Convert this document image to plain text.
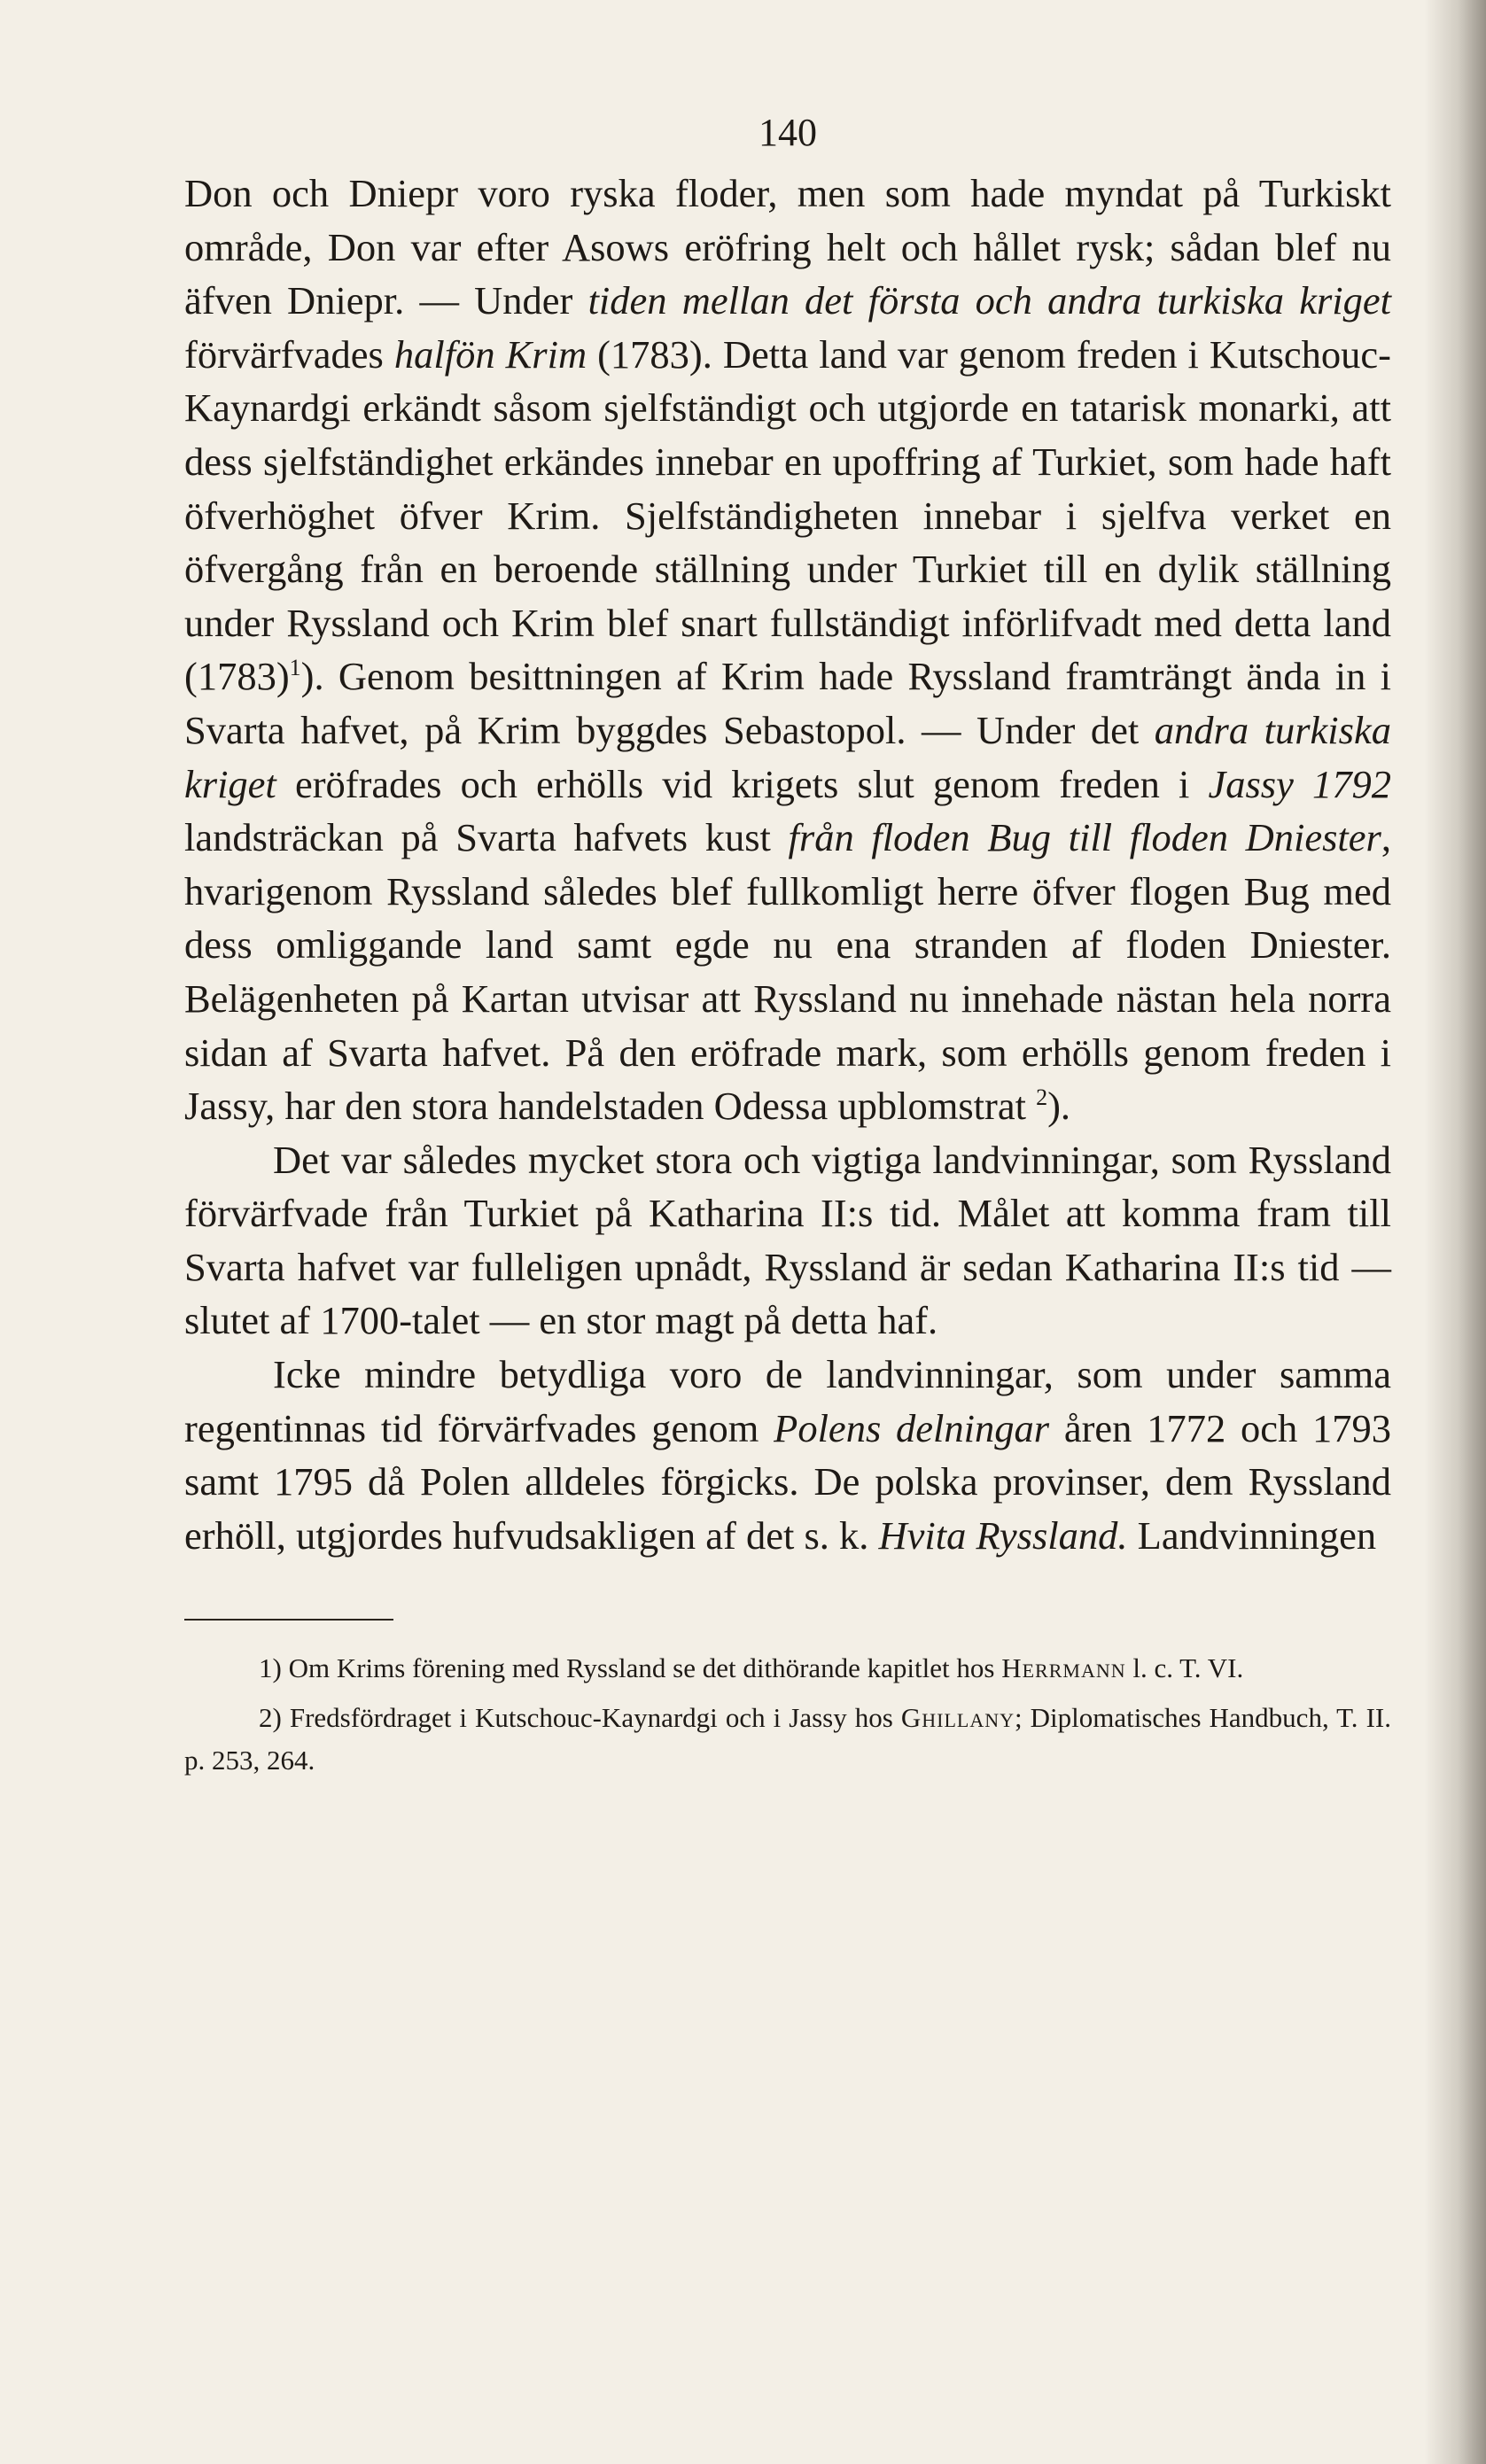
140

Don och Dniepr voro ryska floder, men som hade myndat på Turkiskt område, Don var efter Asows eröfring helt och hållet rysk; sådan blef nu äfven Dniepr. — Under tiden mellan det första och andra turkiska kriget förvärfvades halfön Krim (1783). Detta land var genom freden i Kutschouc-Kaynardgi erkändt såsom sjelfständigt och utgjorde en tatarisk monarki, att dess sjelfständighet erkändes innebar en upoffring af Turkiet, som hade haft öfverhöghet öfver Krim. Sjelfständigheten innebar i sjelfva verket en öfvergång från en beroende ställning under Turkiet till en dylik ställning under Ryssland och Krim blef snart fullständigt införlifvadt med detta land $(1783)^1$). Genom besittningen af Krim hade Ryssland framträngt ända in i Svarta hafvet, på Krim byggdes Sebastopol. — Under det andra turkiska kriget eröfrades och erhölls vid krigets slut genom freden i Jassy 1792 landsträckan på Svarta hafvets kust från floden Bug till floden Dniester, hvarigenom Ryssland således blef fullkomligt herre öfver flogen Bug med dess omliggande land samt egde nu ena stranden af floden Dniester. Belägenheten på Kartan utvisar att Ryssland nu innehade nästan hela norra sidan af Svarta hafvet. På den eröfrade mark, som erhölls genom freden i Jassy, har den stora handelstaden Odessa upblomstrat $^2$).

Det var således mycket stora och vigtiga landvinningar, som Ryssland förvärfvade från Turkiet på Katharina II:s tid. Målet att komma fram till Svarta hafvet var fulleligen upnådt, Ryssland är sedan Katharina II:s tid — slutet af 1700-talet — en stor magt på detta haf.

Icke mindre betydliga voro de landvinningar, som under samma regentinnas tid förvärfvades genom Polens delningar åren 1772 och 1793 samt 1795 då Polen alldeles förgicks. De polska provinser, dem Ryssland erhöll, utgjordes hufvudsakligen af det s. k. Hvita Ryssland. Landvinningen

1) Om Krims förening med Ryssland se det dithörande kapitlet hos Herrmann l. c. T. VI.

2) Fredsfördraget i Kutschouc-Kaynardgi och i Jassy hos Ghillany; Diplomatisches Handbuch, T. II. p. 253, 264.
